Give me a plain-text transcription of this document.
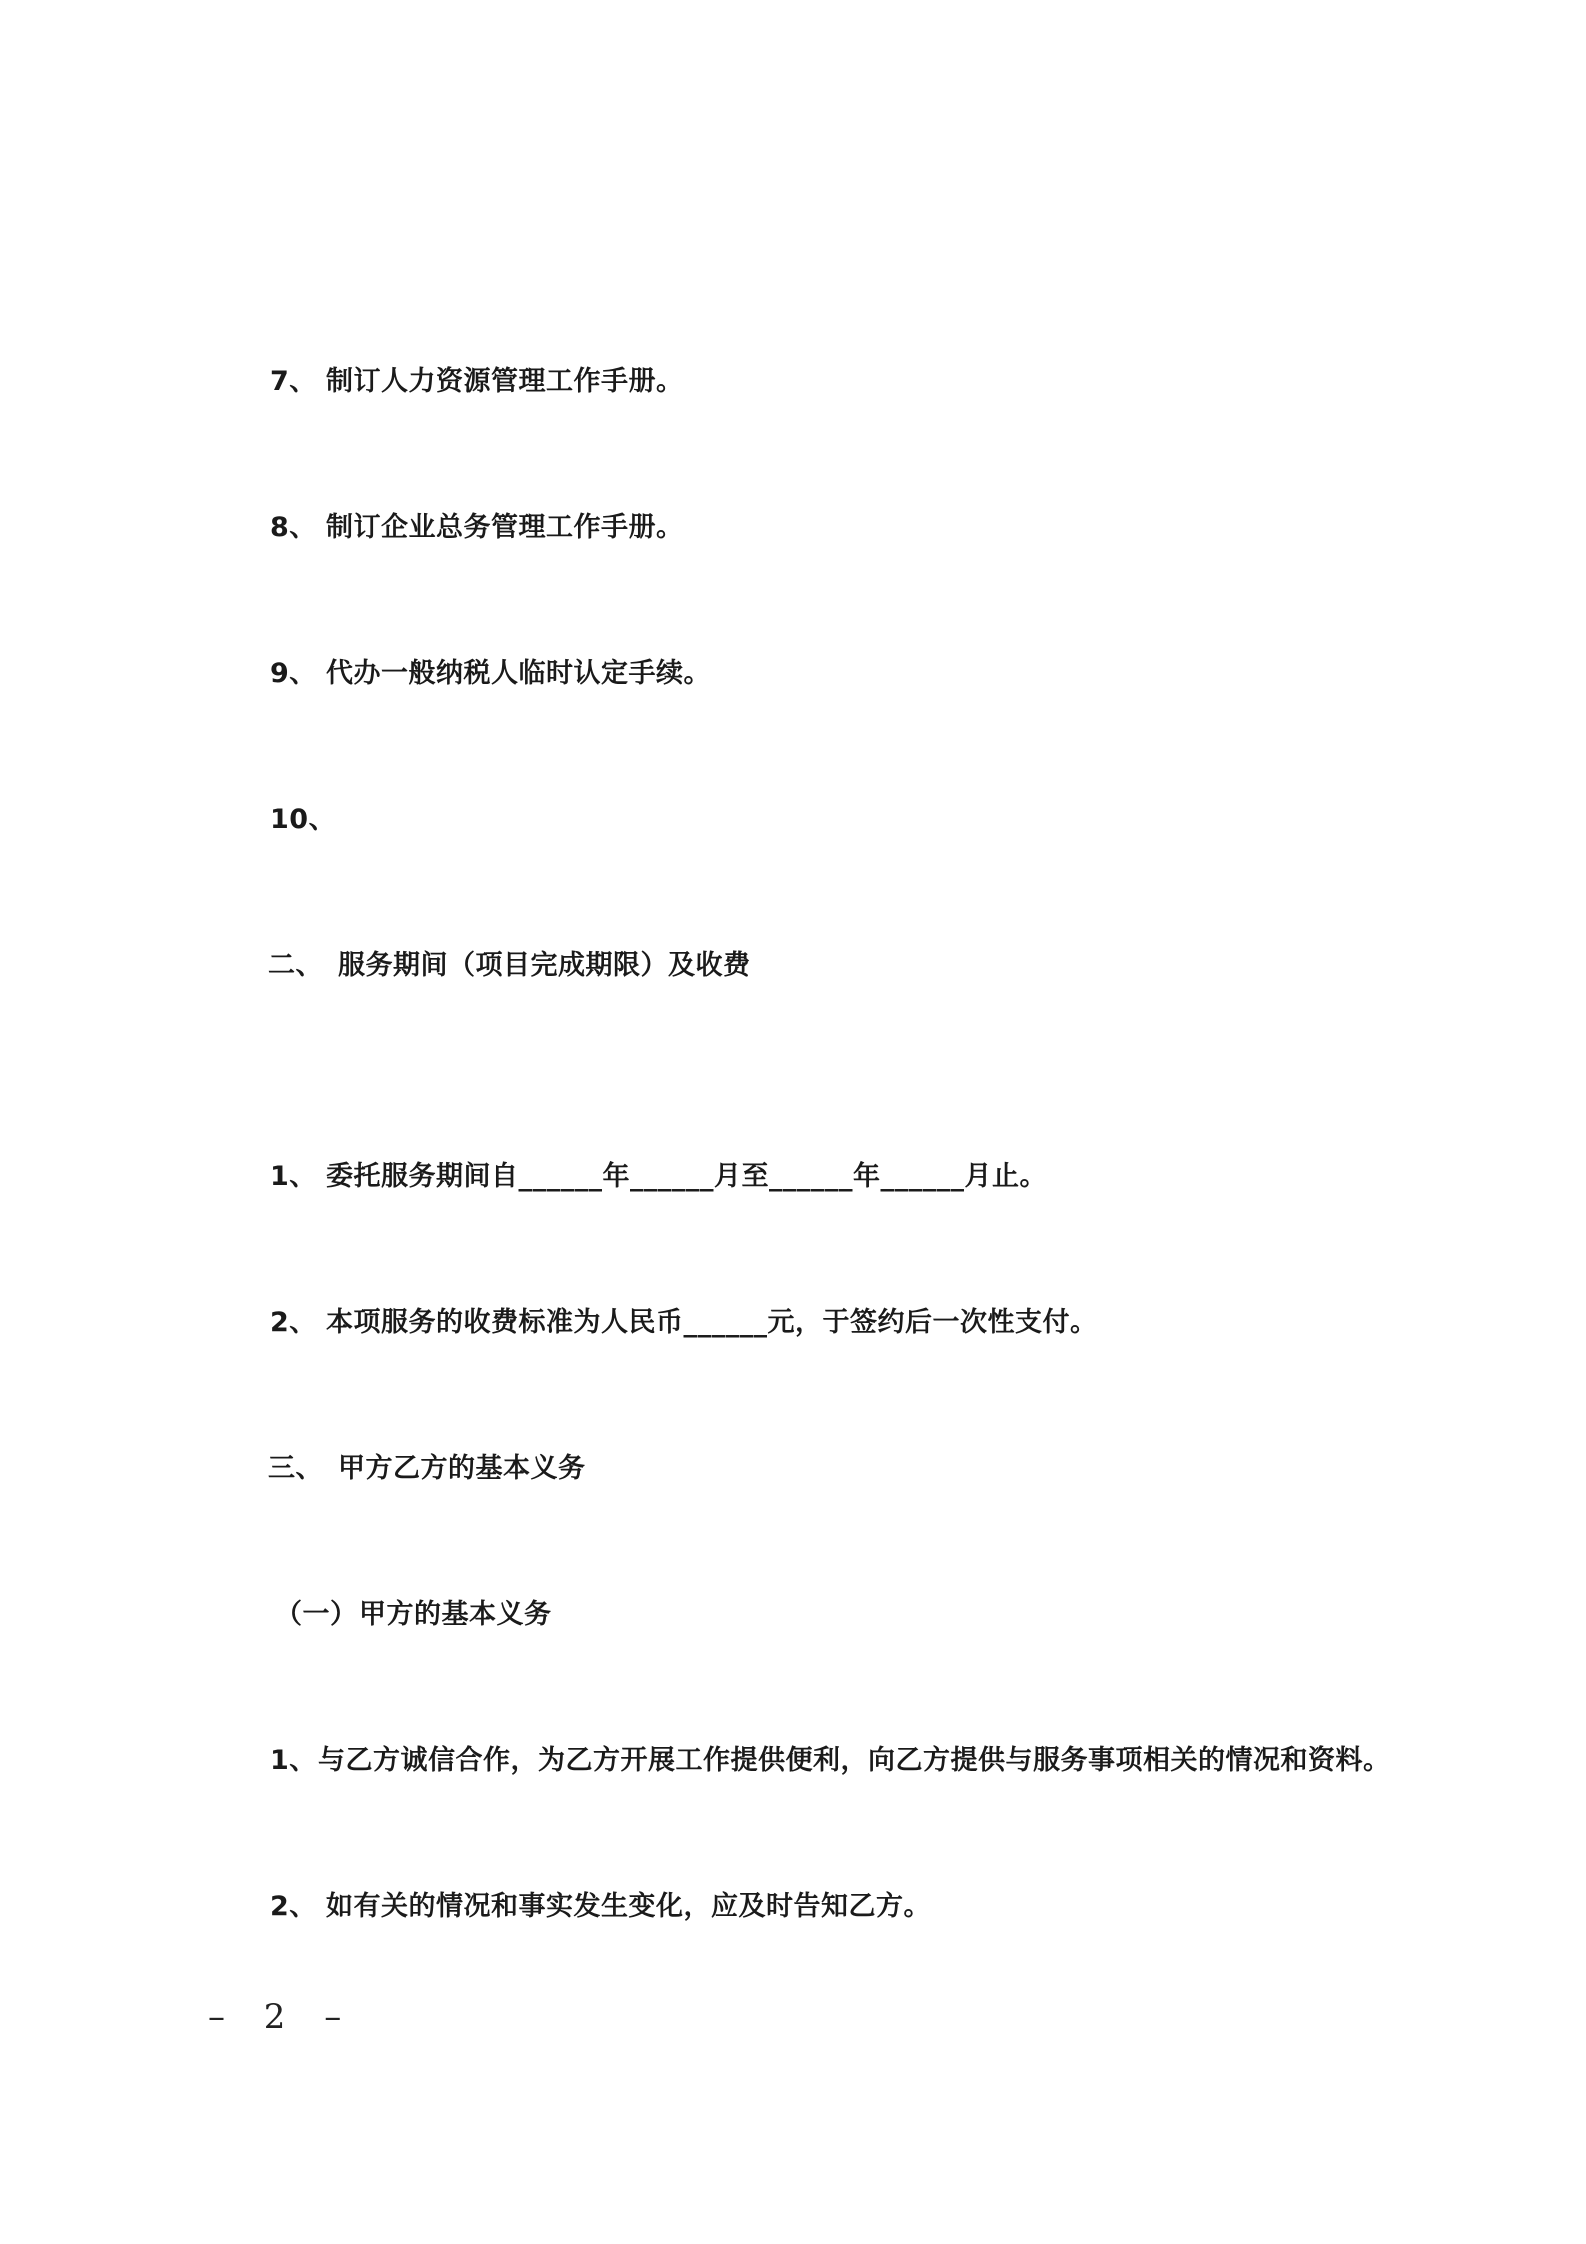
7、 制订人力资源管理工作手册。
8、 制订企业总务管理工作手册。
9、 代办一般纳税人临时认定手续。
10、
二、 服务期间（项目完成期限）及收费
1、 委托服务期间自______年______月至______年______月止。
2、 本项服务的收费标准为人民币______元，于签约后一次性支付。
三、 甲方乙方的基本义务
（一）甲方的基本义务
1、与乙方诚信合作，为乙方开展工作提供便利，向乙方提供与服务事项相关的情况和资料。
2、 如有关的情况和事实发生变化，应及时告知乙方。
– 2 –
